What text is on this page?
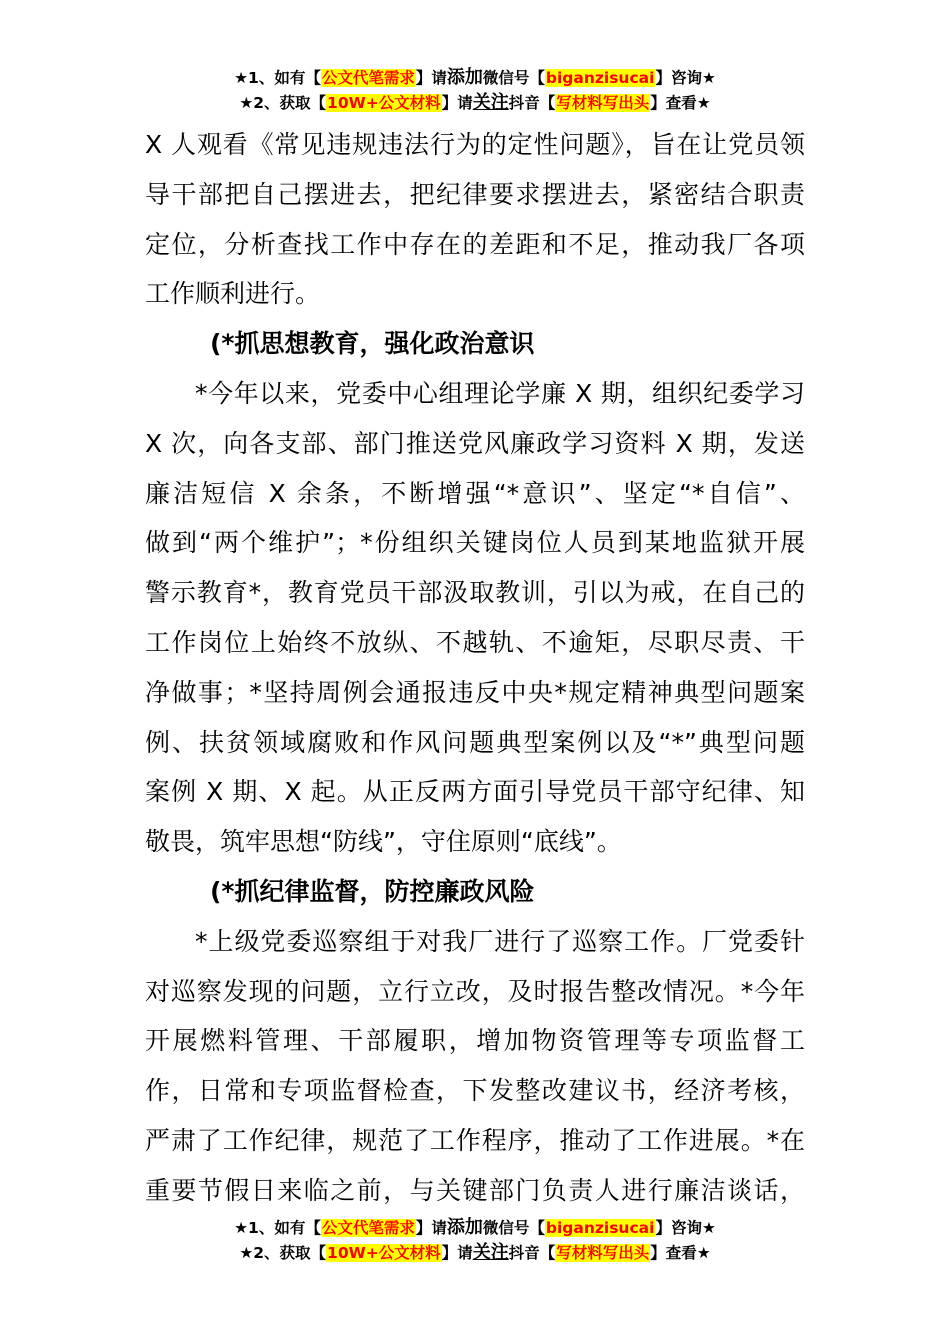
★1、如有【公文代笔需求】请添加微信号【biganzisucai】咨询★
★2、获取【10W+公文材料】请关注抖音【写材料写出头】查看★
X 人观看《常见违规违法行为的定性问题》，旨在让党员领
导干部把自己摆进去，把纪律要求摆进去，紧密结合职责
定位，分析查找工作中存在的差距和不足，推动我厂各项
工作顺利进行。
(*抓思想教育，强化政治意识
*今年以来，党委中心组理论学廉 X 期，组织纪委学习
X 次，向各支部、部门推送党风廉政学习资料 X 期，发送
廉洁短信 X 余条，不断增强“*意识”、坚定“*自信”、
做到“两个维护”；*份组织关键岗位人员到某地监狱开展
警示教育*，教育党员干部汲取教训，引以为戒，在自己的
工作岗位上始终不放纵、不越轨、不逾矩，尽职尽责、干
净做事；*坚持周例会通报违反中央*规定精神典型问题案
例、扶贫领域腐败和作风问题典型案例以及“*”典型问题
案例 X 期、X 起。从正反两方面引导党员干部守纪律、知
敬畏，筑牢思想“防线”，守住原则“底线”。
(*抓纪律监督，防控廉政风险
*上级党委巡察组于对我厂进行了巡察工作。厂党委针
对巡察发现的问题，立行立改，及时报告整改情况。*今年
开展燃料管理、干部履职，增加物资管理等专项监督工
作，日常和专项监督检查，下发整改建议书，经济考核，
严肃了工作纪律，规范了工作程序，推动了工作进展。*在
重要节假日来临之前，与关键部门负责人进行廉洁谈话，
★1、如有【公文代笔需求】请添加微信号【biganzisucai】咨询★
★2、获取【10W+公文材料】请关注抖音【写材料写出头】查看★
